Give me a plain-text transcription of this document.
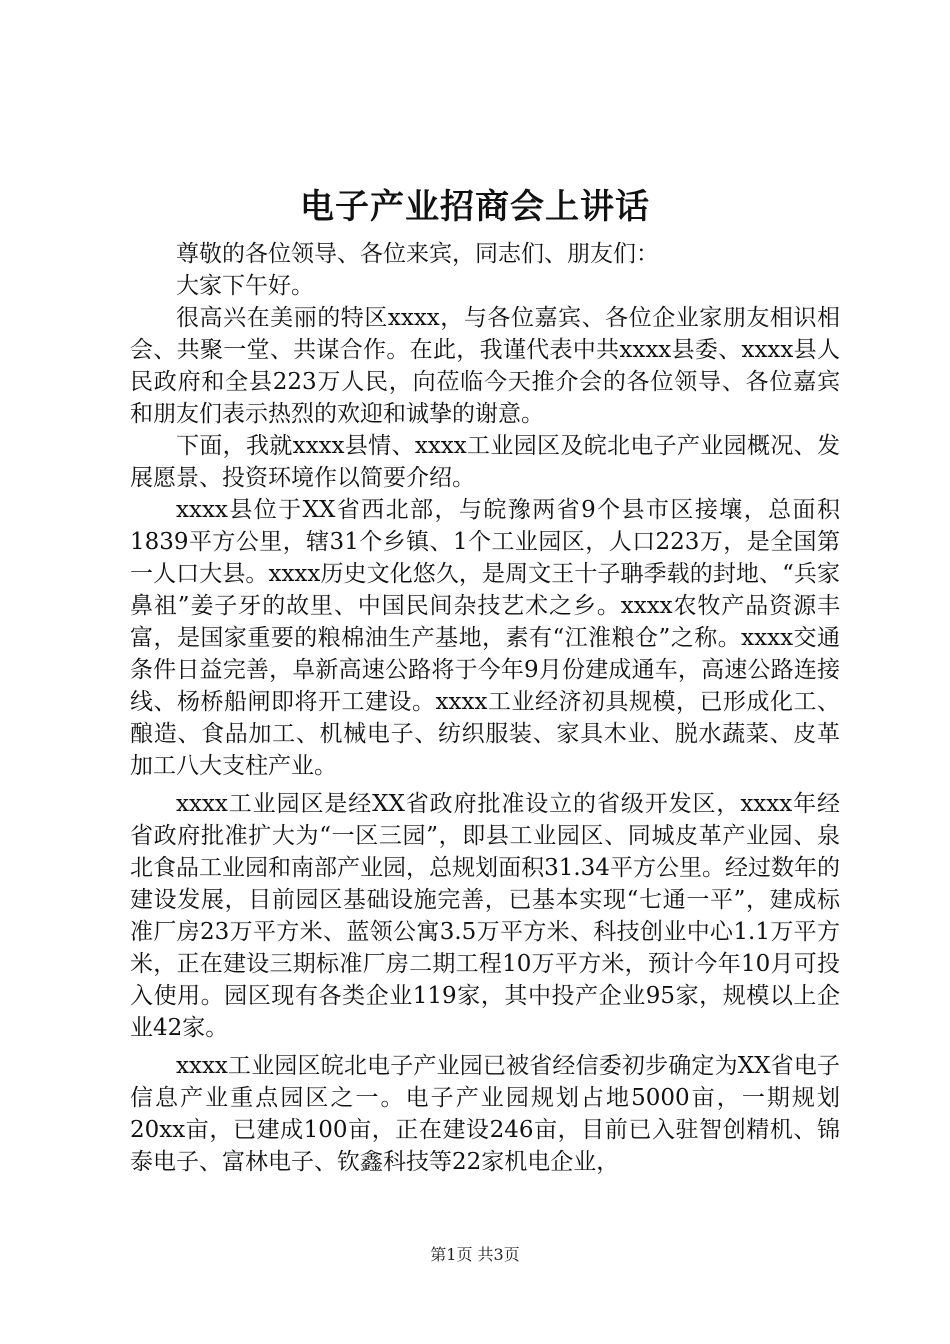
电子产业招商会上讲话

尊敬的各位领导、各位来宾，同志们、朋友们：

大家下午好。

很高兴在美丽的特区xxxx，与各位嘉宾、各位企业家朋友相识相会、共聚一堂、共谋合作。在此，我谨代表中共xxxx县委、xxxx县人民政府和全县223万人民，向莅临今天推介会的各位领导、各位嘉宾和朋友们表示热烈的欢迎和诚挚的谢意。

下面，我就xxxx县情、xxxx工业园区及皖北电子产业园概况、发展愿景、投资环境作以简要介绍。

xxxx县位于XX省西北部，与皖豫两省9个县市区接壤，总面积1839平方公里，辖31个乡镇、1个工业园区，人口223万，是全国第一人口大县。xxxx历史文化悠久，是周文王十子聃季载的封地、“兵家鼻祖”姜子牙的故里、中国民间杂技艺术之乡。xxxx农牧产品资源丰富，是国家重要的粮棉油生产基地，素有“江淮粮仓”之称。xxxx交通条件日益完善，阜新高速公路将于今年9月份建成通车，高速公路连接线、杨桥船闸即将开工建设。xxxx工业经济初具规模，已形成化工、酿造、食品加工、机械电子、纺织服装、家具木业、脱水蔬菜、皮革加工八大支柱产业。

xxxx工业园区是经XX省政府批准设立的省级开发区，xxxx年经省政府批准扩大为“一区三园”，即县工业园区、同城皮革产业园、泉北食品工业园和南部产业园，总规划面积31.34平方公里。经过数年的建设发展，目前园区基础设施完善，已基本实现“七通一平”，建成标准厂房23万平方米、蓝领公寓3.5万平方米、科技创业中心1.1万平方米，正在建设三期标准厂房二期工程10万平方米，预计今年10月可投入使用。园区现有各类企业119家，其中投产企业95家，规模以上企业42家。

xxxx工业园区皖北电子产业园已被省经信委初步确定为XX省电子信息产业重点园区之一。电子产业园规划占地5000亩，一期规划20xx亩，已建成100亩，正在建设246亩，目前已入驻智创精机、锦泰电子、富林电子、钦鑫科技等22家机电企业，

第1页 共3页
